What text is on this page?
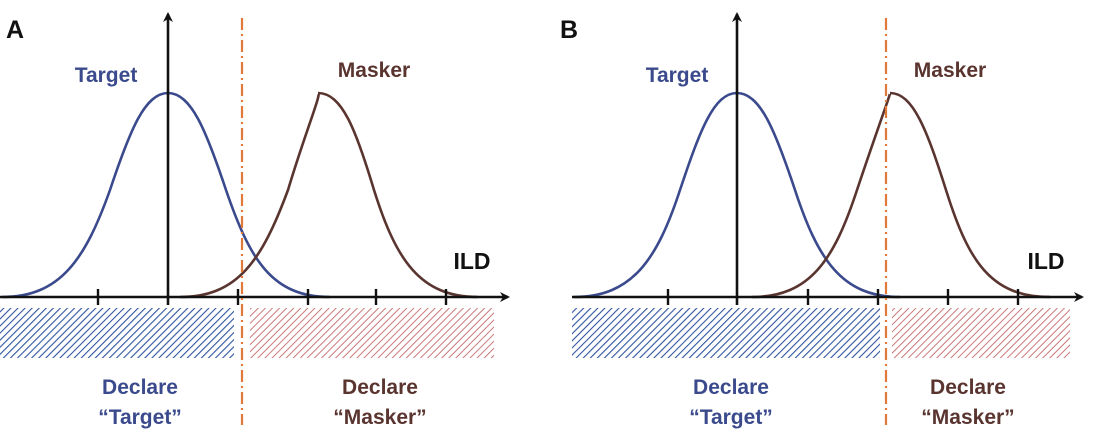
A
Target	Masker
ILD
Declare
“Target”
Declare
“Masker”
B
Target	Masker
ILD
Declare
“Target”
Declare
“Masker”
